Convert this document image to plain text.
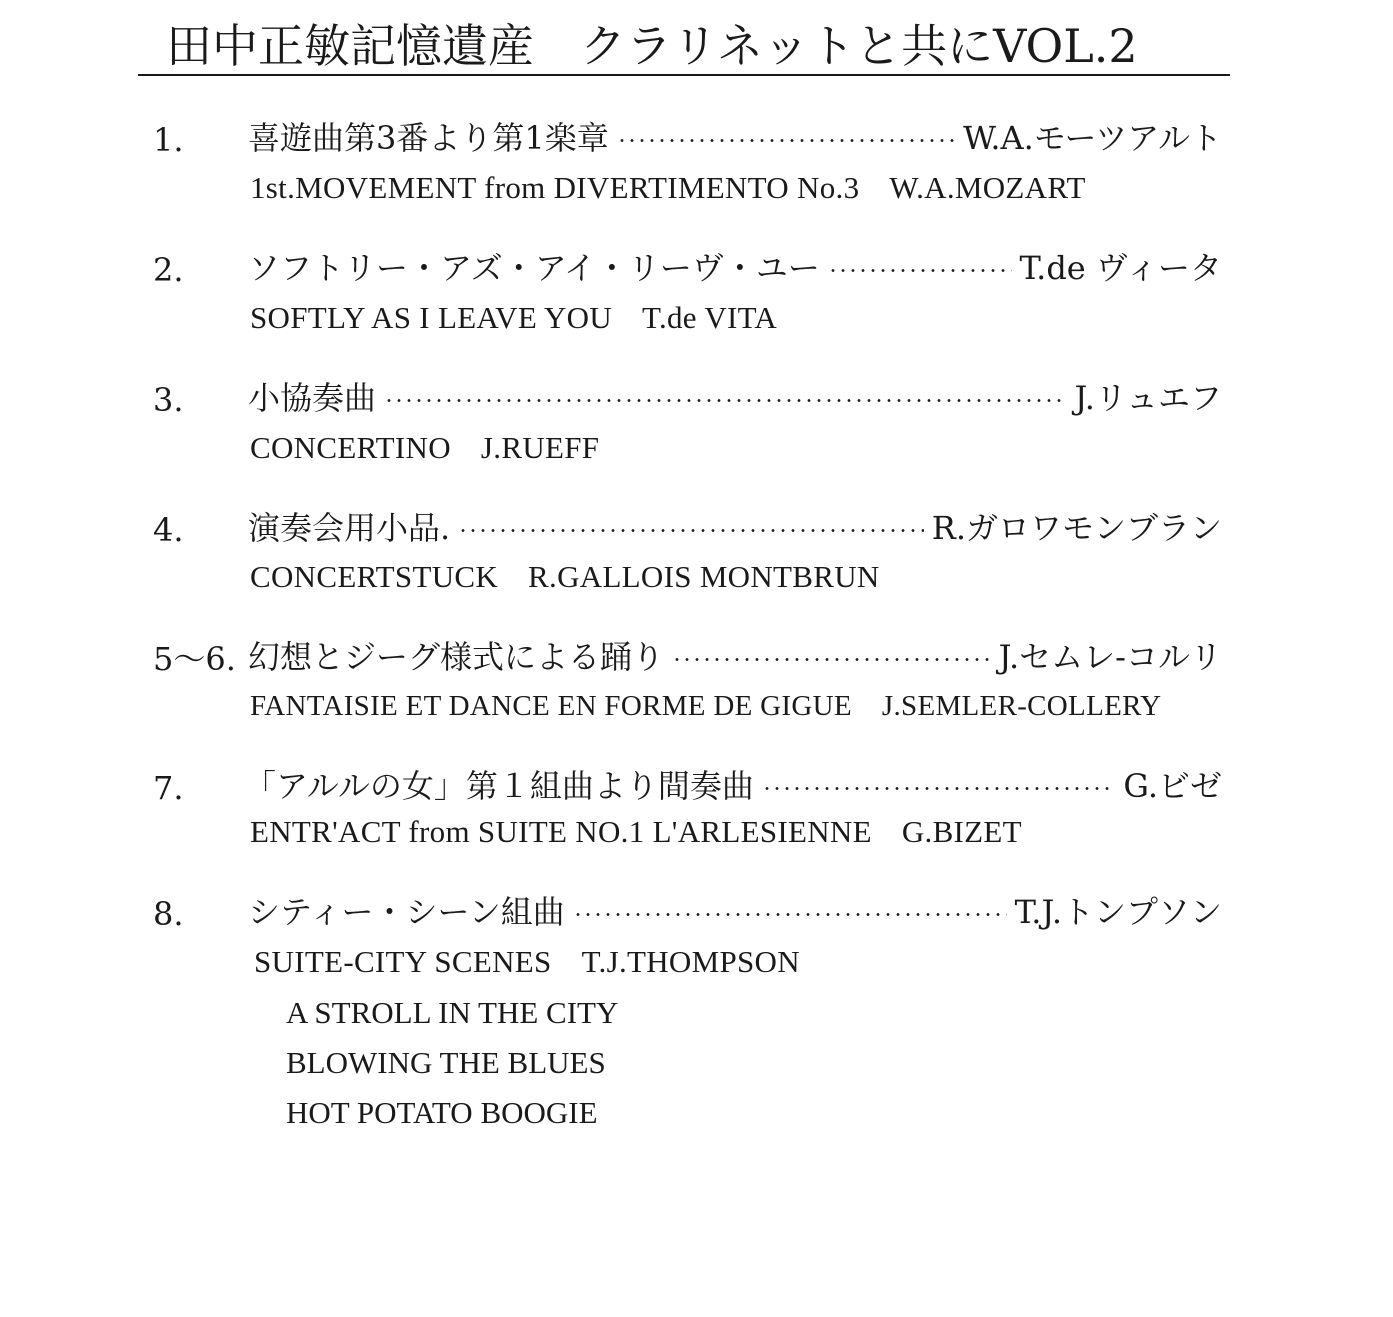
田中正敏記憶遺産　クラリネットと共にVOL.2
1. 喜遊曲第3番より第1楽章	W.A.モーツアルト
1st.MOVEMENT from DIVERTIMENTO No.3 W.A.MOZART
2. ソフトリー・アズ・アイ・リーヴ・ユー	T.de ヴィータ
SOFTLY AS I LEAVE YOU T.de VITA
3. 小協奏曲	J.リュエフ
CONCERTINO J.RUEFF
4. 演奏会用小品.	R.ガロワモンブラン
CONCERTSTUCK R.GALLOIS MONTBRUN
5～6. 幻想とジーグ様式による踊り	J.セムレ-コルリ
FANTAISIE ET DANCE EN FORME DE GIGUE J.SEMLER-COLLERY
7. 「アルルの女」第１組曲より間奏曲	G.ビゼ
ENTR'ACT from SUITE NO.1 L'ARLESIENNE G.BIZET
8. シティー・シーン組曲	T.J.トンプソン
SUITE-CITY SCENES T.J.THOMPSON
A STROLL IN THE CITY
BLOWING THE BLUES
HOT POTATO BOOGIE
